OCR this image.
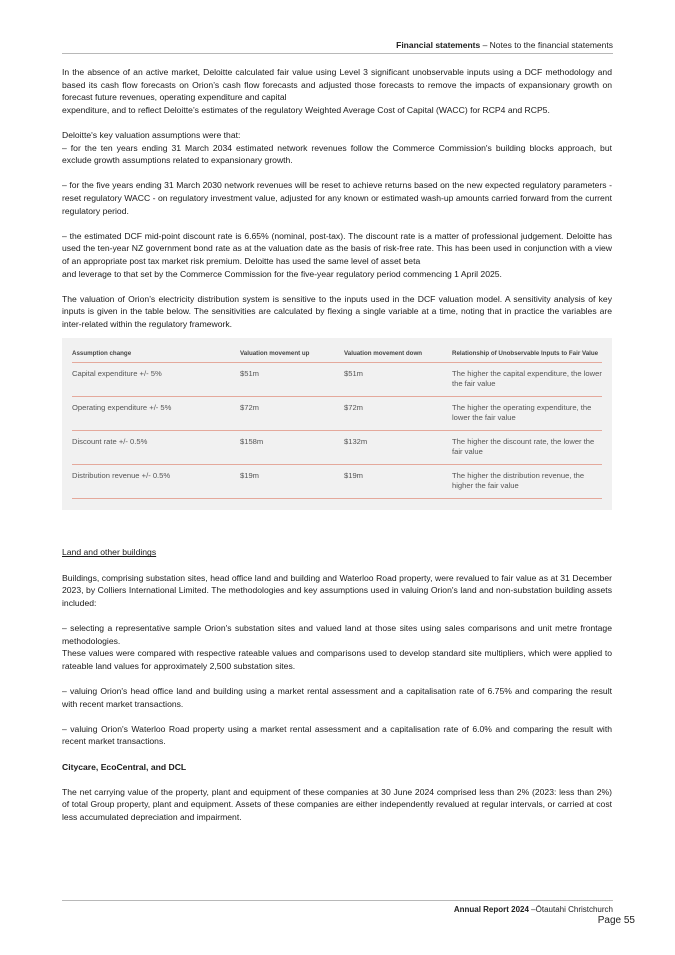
Financial statements – Notes to the financial statements

In the absence of an active market, Deloitte calculated fair value using Level 3 significant unobservable inputs using a DCF methodology and based its cash flow forecasts on Orion’s cash flow forecasts and adjusted those forecasts to remove the impacts of expansionary growth on forecast future revenues, operating expenditure and capital

expenditure, and to reflect Deloitte’s estimates of the regulatory Weighted Average Cost of Capital (WACC) for RCP4 and RCP5.

Deloitte's key valuation assumptions were that:

– for the ten years ending 31 March 2034 estimated network revenues follow the Commerce Commission's building blocks approach, but exclude growth assumptions related to expansionary growth.

– for the five years ending 31 March 2030 network revenues will be reset to achieve returns based on the new expected regulatory parameters - reset regulatory WACC - on regulatory investment value, adjusted for any known or estimated wash-up amounts carried forward from the current regulatory period.

– the estimated DCF mid-point discount rate is 6.65% (nominal, post-tax). The discount rate is a matter of professional judgement. Deloitte has used the ten-year NZ government bond rate as at the valuation date as the basis of risk-free rate. This has been used in conjunction with a view of an appropriate post tax market risk premium. Deloitte has used the same level of asset beta

and leverage to that set by the Commerce Commission for the five-year regulatory period commencing 1 April 2025.

The valuation of Orion’s electricity distribution system is sensitive to the inputs used in the DCF valuation model. A sensitivity analysis of key inputs is given in the table below. The sensitivities are calculated by flexing a single variable at a time, noting that in practice the variables are inter-related within the regulatory framework.

Assumption change	Valuation movement up	Valuation movement down	Relationship of Unobservable Inputs to Fair Value
Capital expenditure +/- 5%	$51m	$51m	The higher the capital expenditure, the lower the fair value
Operating expenditure +/- 5%	$72m	$72m	The higher the operating expenditure, the lower the fair value
Discount rate +/- 0.5%	$158m	$132m	The higher the discount rate, the lower the fair value
Distribution revenue +/- 0.5%	$19m	$19m	The higher the distribution revenue, the higher the fair value

Land and other buildings

Buildings, comprising substation sites, head office land and building and Waterloo Road property, were revalued to fair value as at 31 December 2023, by Colliers International Limited. The methodologies and key assumptions used in valuing Orion's land and non-substation building assets included:

– selecting a representative sample Orion's substation sites and valued land at those sites using sales comparisons and unit metre frontage methodologies.

These values were compared with respective rateable values and comparisons used to develop standard site multipliers, which were applied to rateable land values for approximately 2,500 substation sites.

– valuing Orion's head office land and building using a market rental assessment and a capitalisation rate of 6.75% and comparing the result with recent market transactions.

– valuing Orion's Waterloo Road property using a market rental assessment and a capitalisation rate of 6.0% and comparing the result with recent market transactions.

Citycare, EcoCentral, and DCL

The net carrying value of the property, plant and equipment of these companies at 30 June 2024 comprised less than 2% (2023: less than 2%) of total Group property, plant and equipment. Assets of these companies are either independently revalued at regular intervals, or carried at cost less accumulated depreciation and impairment.

Annual Report 2024 –Ōtautahi Christchurch
Page 55
